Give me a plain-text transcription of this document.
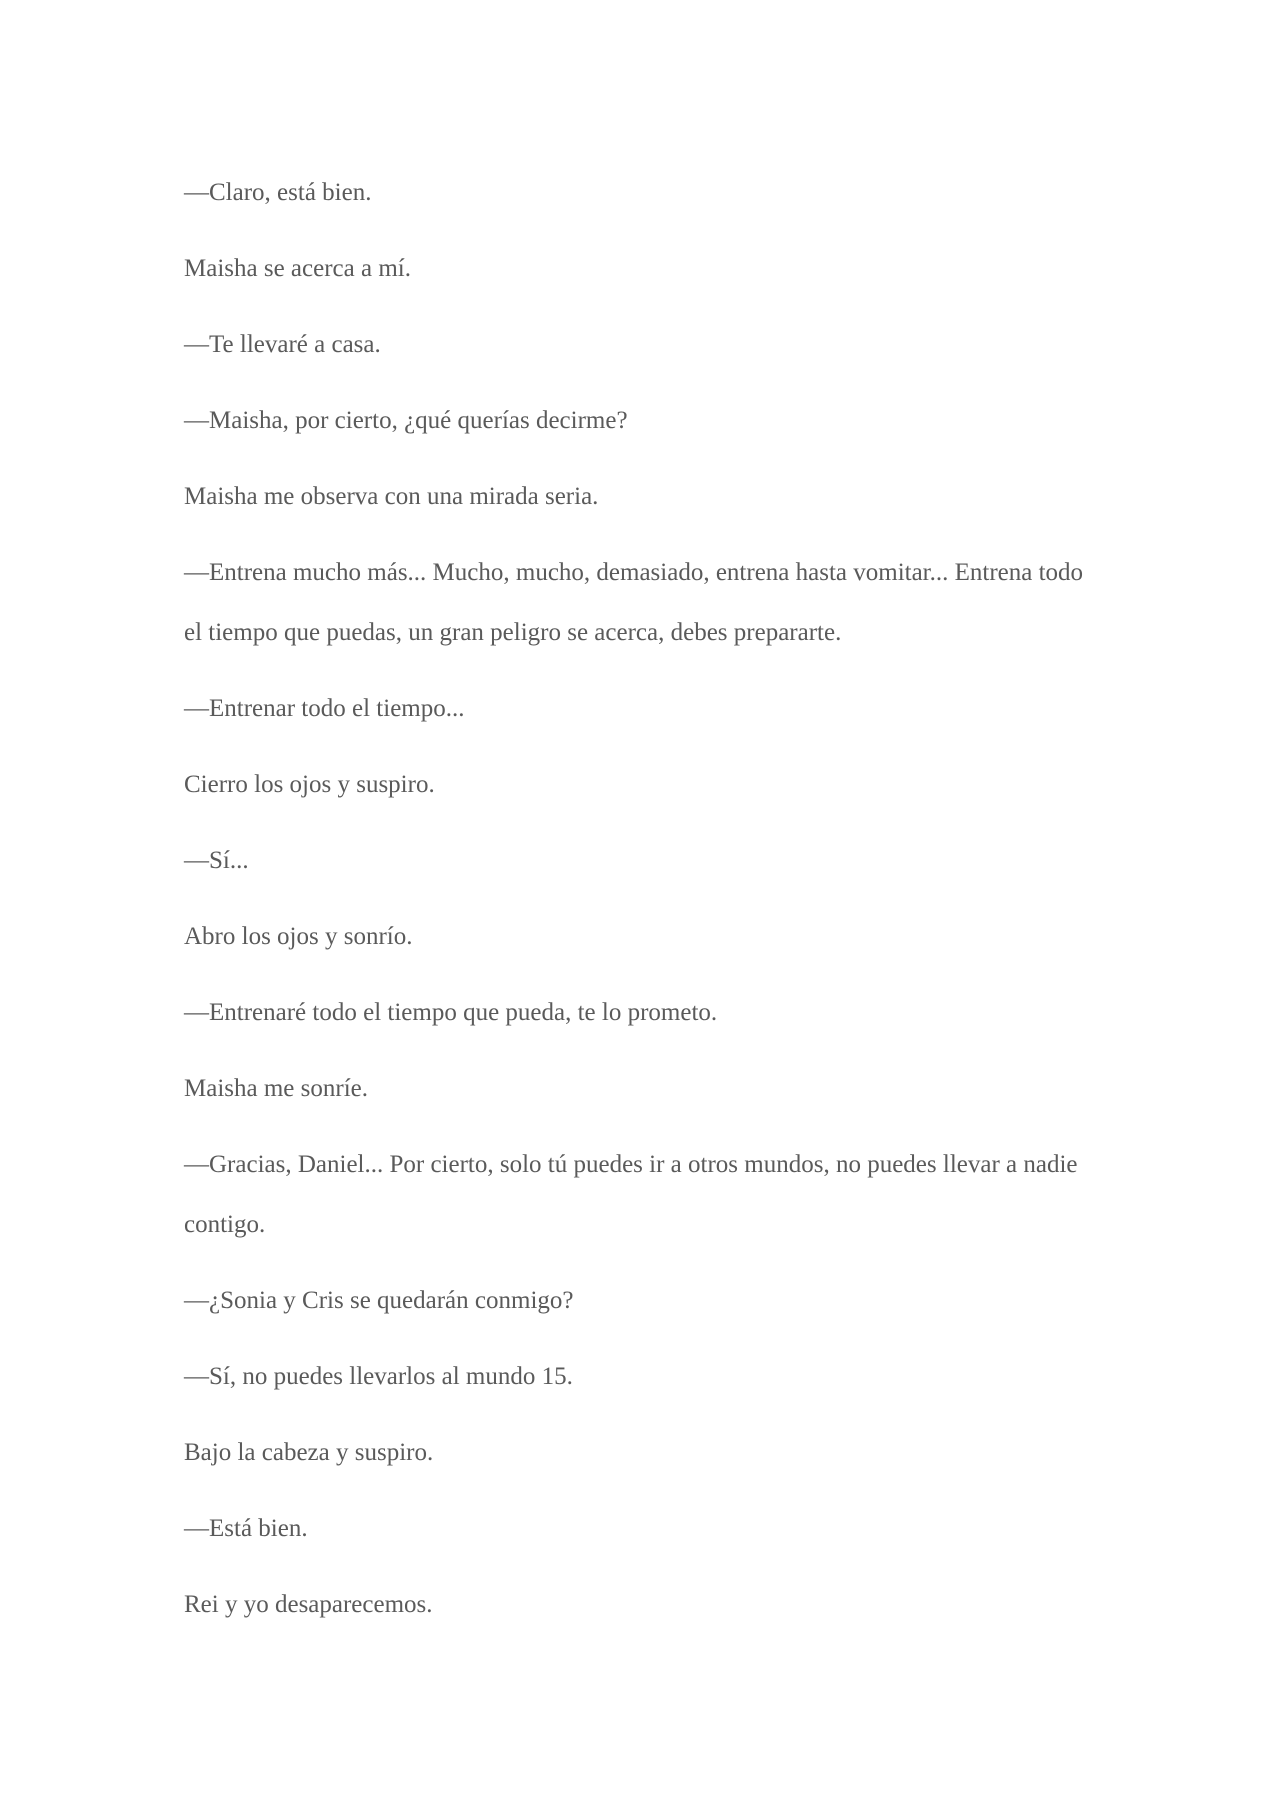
—Claro, está bien.

Maisha se acerca a mí.

—Te llevaré a casa.

—Maisha, por cierto, ¿qué querías decirme?

Maisha me observa con una mirada seria.

—Entrena mucho más... Mucho, mucho, demasiado, entrena hasta vomitar... Entrena todo el tiempo que puedas, un gran peligro se acerca, debes prepararte.

—Entrenar todo el tiempo...

Cierro los ojos y suspiro.

—Sí...

Abro los ojos y sonrío.

—Entrenaré todo el tiempo que pueda, te lo prometo.

Maisha me sonríe.

—Gracias, Daniel... Por cierto, solo tú puedes ir a otros mundos, no puedes llevar a nadie contigo.

—¿Sonia y Cris se quedarán conmigo?

—Sí, no puedes llevarlos al mundo 15.

Bajo la cabeza y suspiro.

—Está bien.

Rei y yo desaparecemos.
